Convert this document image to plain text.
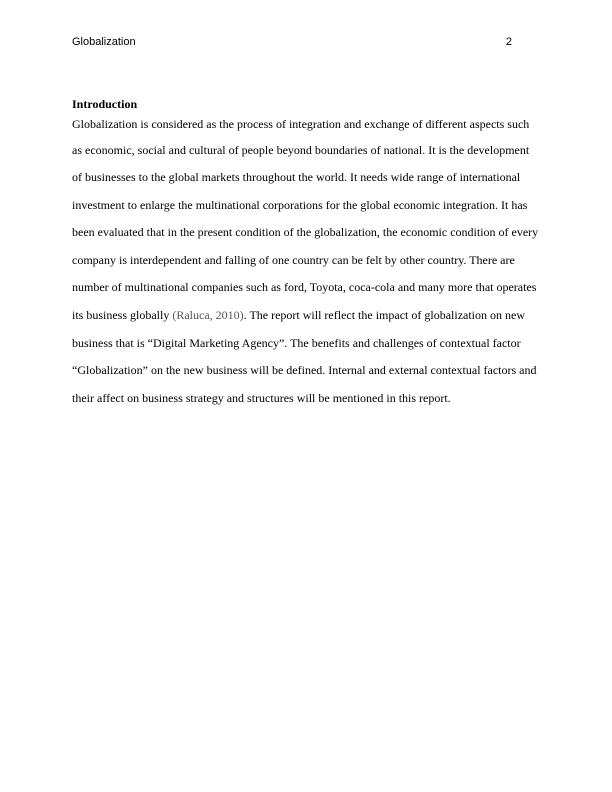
Globalization	2
Introduction
Globalization is considered as the process of integration and exchange of different aspects such
as economic, social and cultural of people beyond boundaries of national. It is the development
of businesses to the global markets throughout the world. It needs wide range of international
investment to enlarge the multinational corporations for the global economic integration. It has
been evaluated that in the present condition of the globalization, the economic condition of every
company is interdependent and falling of one country can be felt by other country. There are
number of multinational companies such as ford, Toyota, coca-cola and many more that operates
its business globally (Raluca, 2010). The report will reflect the impact of globalization on new
business that is “Digital Marketing Agency”. The benefits and challenges of contextual factor
“Globalization” on the new business will be defined. Internal and external contextual factors and
their affect on business strategy and structures will be mentioned in this report.
